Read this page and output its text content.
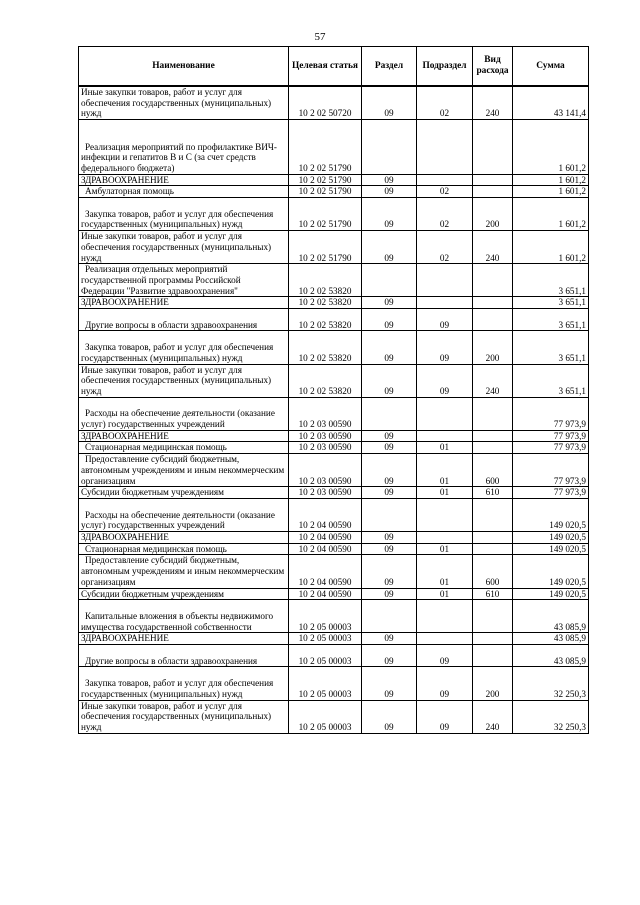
57
Наименование	Целевая статья	Раздел	Подраздел	Вид расхода	Сумма
Иные закупки товаров, работ и услуг для обеспечения государственных (муниципальных) нужд	10 2 02 50720	09	02	240	43 141,4
Реализация мероприятий по профилактике ВИЧ-инфекции и гепатитов В и С (за счет средств федерального бюджета)	10 2 02 51790				1 601,2
ЗДРАВООХРАНЕНИЕ	10 2 02 51790	09			1 601,2
Амбулаторная помощь	10 2 02 51790	09	02		1 601,2
Закупка товаров, работ и услуг для обеспечения государственных (муниципальных) нужд	10 2 02 51790	09	02	200	1 601,2
Иные закупки товаров, работ и услуг для обеспечения государственных (муниципальных) нужд	10 2 02 51790	09	02	240	1 601,2
Реализация отдельных мероприятий государственной программы Российской Федерации "Развитие здравоохранения"	10 2 02 53820				3 651,1
ЗДРАВООХРАНЕНИЕ	10 2 02 53820	09			3 651,1
Другие вопросы в области здравоохранения	10 2 02 53820	09	09		3 651,1
Закупка товаров, работ и услуг для обеспечения государственных (муниципальных) нужд	10 2 02 53820	09	09	200	3 651,1
Иные закупки товаров, работ и услуг для обеспечения государственных (муниципальных) нужд	10 2 02 53820	09	09	240	3 651,1
Расходы на обеспечение деятельности (оказание услуг) государственных учреждений	10 2 03 00590				77 973,9
ЗДРАВООХРАНЕНИЕ	10 2 03 00590	09			77 973,9
Стационарная медицинская помощь	10 2 03 00590	09	01		77 973,9
Предоставление субсидий бюджетным, автономным учреждениям и иным некоммерческим организациям	10 2 03 00590	09	01	600	77 973,9
Субсидии бюджетным учреждениям	10 2 03 00590	09	01	610	77 973,9
Расходы на обеспечение деятельности (оказание услуг) государственных учреждений	10 2 04 00590				149 020,5
ЗДРАВООХРАНЕНИЕ	10 2 04 00590	09			149 020,5
Стационарная медицинская помощь	10 2 04 00590	09	01		149 020,5
Предоставление субсидий бюджетным, автономным учреждениям и иным некоммерческим организациям	10 2 04 00590	09	01	600	149 020,5
Субсидии бюджетным учреждениям	10 2 04 00590	09	01	610	149 020,5
Капитальные вложения в объекты недвижимого имущества государственной собственности	10 2 05 00003				43 085,9
ЗДРАВООХРАНЕНИЕ	10 2 05 00003	09			43 085,9
Другие вопросы в области здравоохранения	10 2 05 00003	09	09		43 085,9
Закупка товаров, работ и услуг для обеспечения государственных (муниципальных) нужд	10 2 05 00003	09	09	200	32 250,3
Иные закупки товаров, работ и услуг для обеспечения государственных (муниципальных) нужд	10 2 05 00003	09	09	240	32 250,3
